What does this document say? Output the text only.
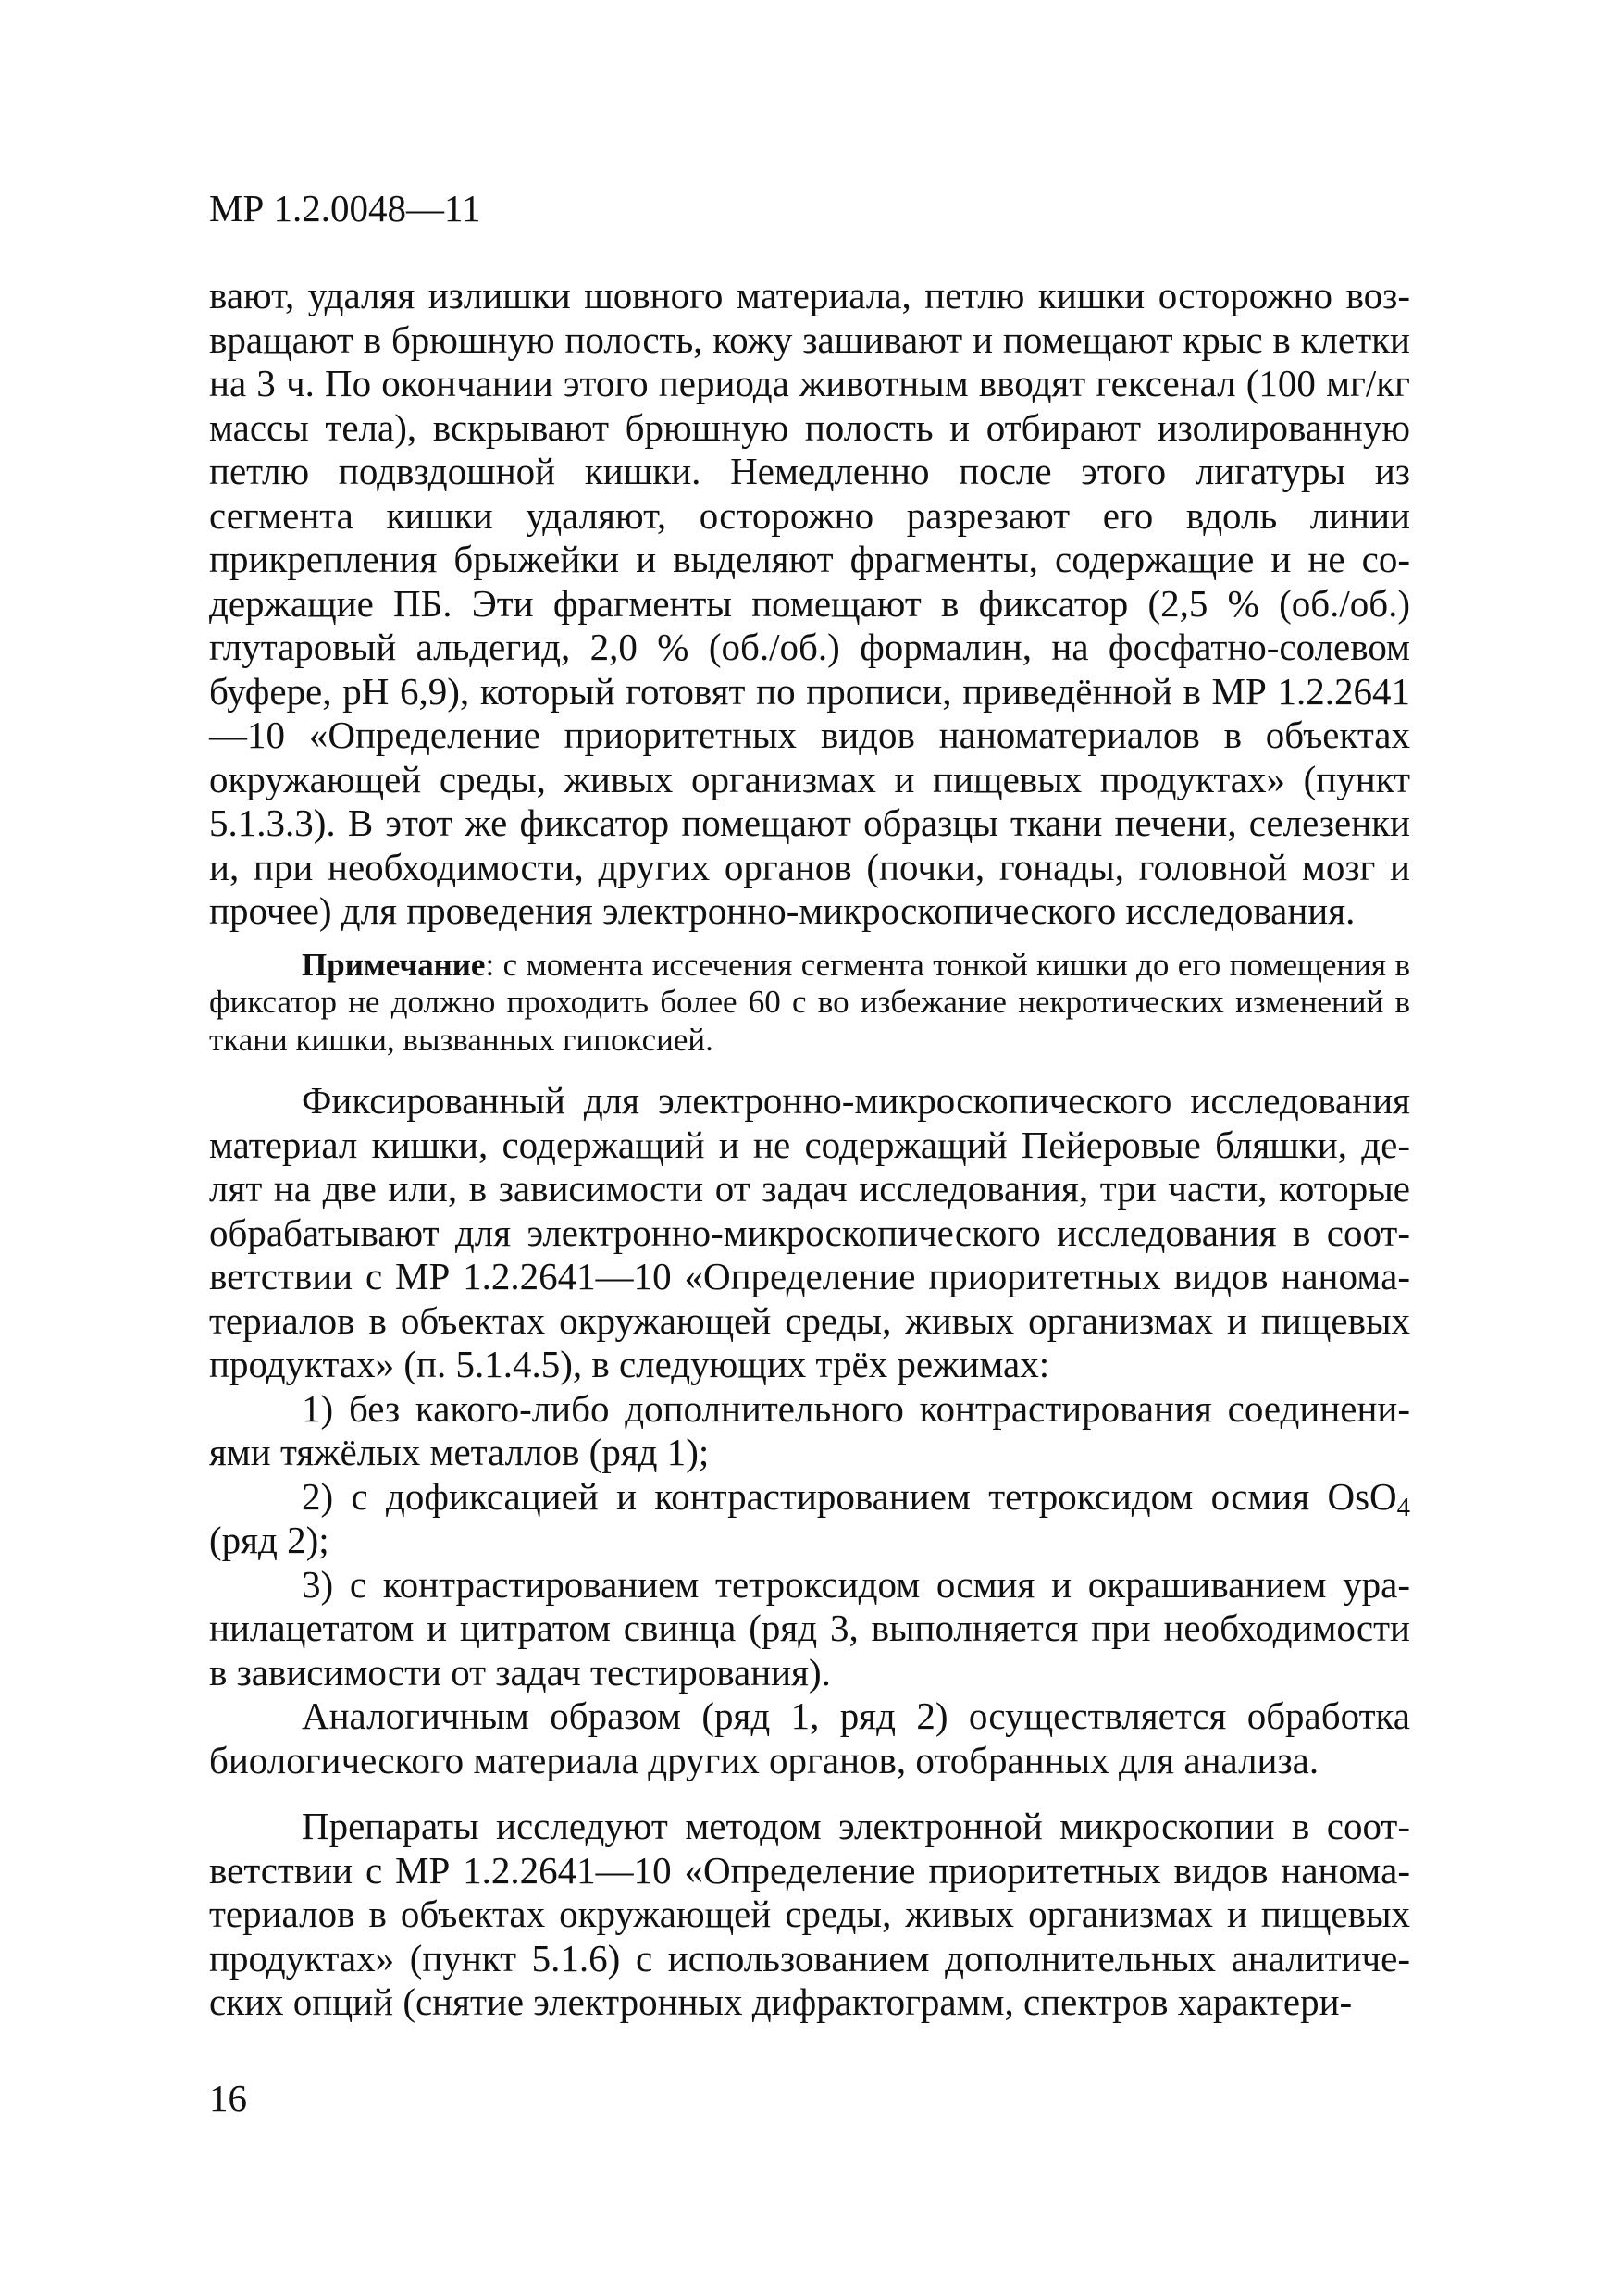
МР 1.2.0048—11

вают, удаляя излишки шовного материала, петлю кишки осторожно возвращают в брюшную полость, кожу зашивают и помещают крыс в клетки на 3 ч. По окончании этого периода животным вводят гексенал (100 мг/кг массы тела), вскрывают брюшную полость и отбирают изолированную петлю подвздошной кишки. Немедленно после этого лигатуры из сегмента кишки удаляют, осторожно разрезают его вдоль линии прикрепления брыжейки и выделяют фрагменты, содержащие и не содержащие ПБ. Эти фрагменты помещают в фиксатор (2,5 % (об./об.) глутаровый альдегид, 2,0 % (об./об.) формалин, на фосфатно-солевом буфере, рН 6,9), который готовят по прописи, приведённой в МР 1.2.2641—10 «Определение приоритетных видов наноматериалов в объектах окружающей среды, живых организмах и пищевых продуктах» (пункт 5.1.3.3). В этот же фиксатор помещают образцы ткани печени, селезенки и, при необходимости, других органов (почки, гонады, головной мозг и прочее) для проведения электронно-микроскопического исследования.

Примечание: с момента иссечения сегмента тонкой кишки до его помещения в фиксатор не должно проходить более 60 с во избежание некротических изменений в ткани кишки, вызванных гипоксией.

Фиксированный для электронно-микроскопического исследования материал кишки, содержащий и не содержащий Пейеровые бляшки, делят на две или, в зависимости от задач исследования, три части, которые обрабатывают для электронно-микроскопического исследования в соответствии с МР 1.2.2641—10 «Определение приоритетных видов наномaтериалов в объектах окружающей среды, живых организмах и пищевых продуктах» (п. 5.1.4.5), в следующих трёх режимах:

1) без какого-либо дополнительного контрастирования соединениями тяжёлых металлов (ряд 1);

2) с дофиксацией и контрастированием тетроксидом осмия OsO$_4$ (ряд 2);

3) с контрастированием тетроксидом осмия и окрашиванием уранилацетатом и цитратом свинца (ряд 3, выполняется при необходимости в зависимости от задач тестирования).

Аналогичным образом (ряд 1, ряд 2) осуществляется обработка биологического материала других органов, отобранных для анализа.

Препараты исследуют методом электронной микроскопии в соответствии с МР 1.2.2641—10 «Определение приоритетных видов наномaтериалов в объектах окружающей среды, живых организмах и пищевых продуктах» (пункт 5.1.6) с использованием дополнительных аналитических опций (снятие электронных дифрактограмм, спектров характери-

16
